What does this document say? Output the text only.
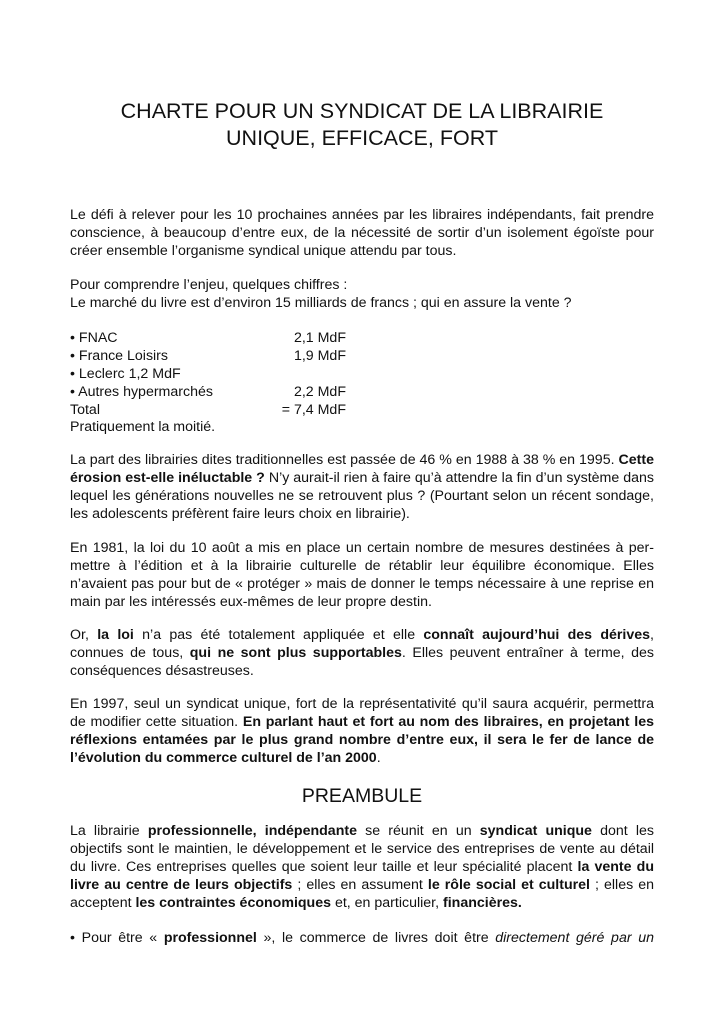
CHARTE POUR UN SYNDICAT DE LA LIBRAIRIE
UNIQUE, EFFICACE, FORT

Le défi à relever pour les 10 prochaines années par les libraires indépendants, fait prendre conscience, à beaucoup d’entre eux, de la nécessité de sortir d’un isolement égoïste pour créer ensemble l’organisme syndical unique attendu par tous.

Pour comprendre l’enjeu, quelques chiffres :
Le marché du livre est d’environ 15 milliards de francs ; qui en assure la vente ?

• FNAC	2,1 MdF
• France Loisirs	1,9 MdF
• Leclerc 1,2 MdF
• Autres hypermarchés	2,2 MdF
Total	= 7,4 MdF
Pratiquement la moitié.

La part des librairies dites traditionnelles est passée de 46 % en 1988 à 38 % en 1995. Cette érosion est-elle inéluctable ? N’y aurait-il rien à faire qu’à attendre la fin d’un système dans lequel les générations nouvelles ne se retrouvent plus ? (Pourtant selon un récent sondage, les adolescents préfèrent faire leurs choix en librairie).

En 1981, la loi du 10 août a mis en place un certain nombre de mesures destinées à permettre à l’édition et à la librairie culturelle de rétablir leur équilibre économique. Elles n’avaient pas pour but de « protéger » mais de donner le temps nécessaire à une reprise en main par les intéressés eux-mêmes de leur propre destin.

Or, la loi n’a pas été totalement appliquée et elle connaît aujourd’hui des dérives, connues de tous, qui ne sont plus supportables. Elles peuvent entraîner à terme, des conséquences désastreuses.

En 1997, seul un syndicat unique, fort de la représentativité qu’il saura acquérir, permettra de modifier cette situation. En parlant haut et fort au nom des libraires, en projetant les réflexions entamées par le plus grand nombre d’entre eux, il sera le fer de lance de l’évolution du commerce culturel de l’an 2000.

PREAMBULE

La librairie professionnelle, indépendante se réunit en un syndicat unique dont les objectifs sont le maintien, le développement et le service des entreprises de vente au détail du livre. Ces entreprises quelles que soient leur taille et leur spécialité placent la vente du livre au centre de leurs objectifs ; elles en assument le rôle social et culturel ; elles en acceptent les contraintes économiques et, en particulier, financières.

• Pour être « professionnel », le commerce de livres doit être directement géré par un
